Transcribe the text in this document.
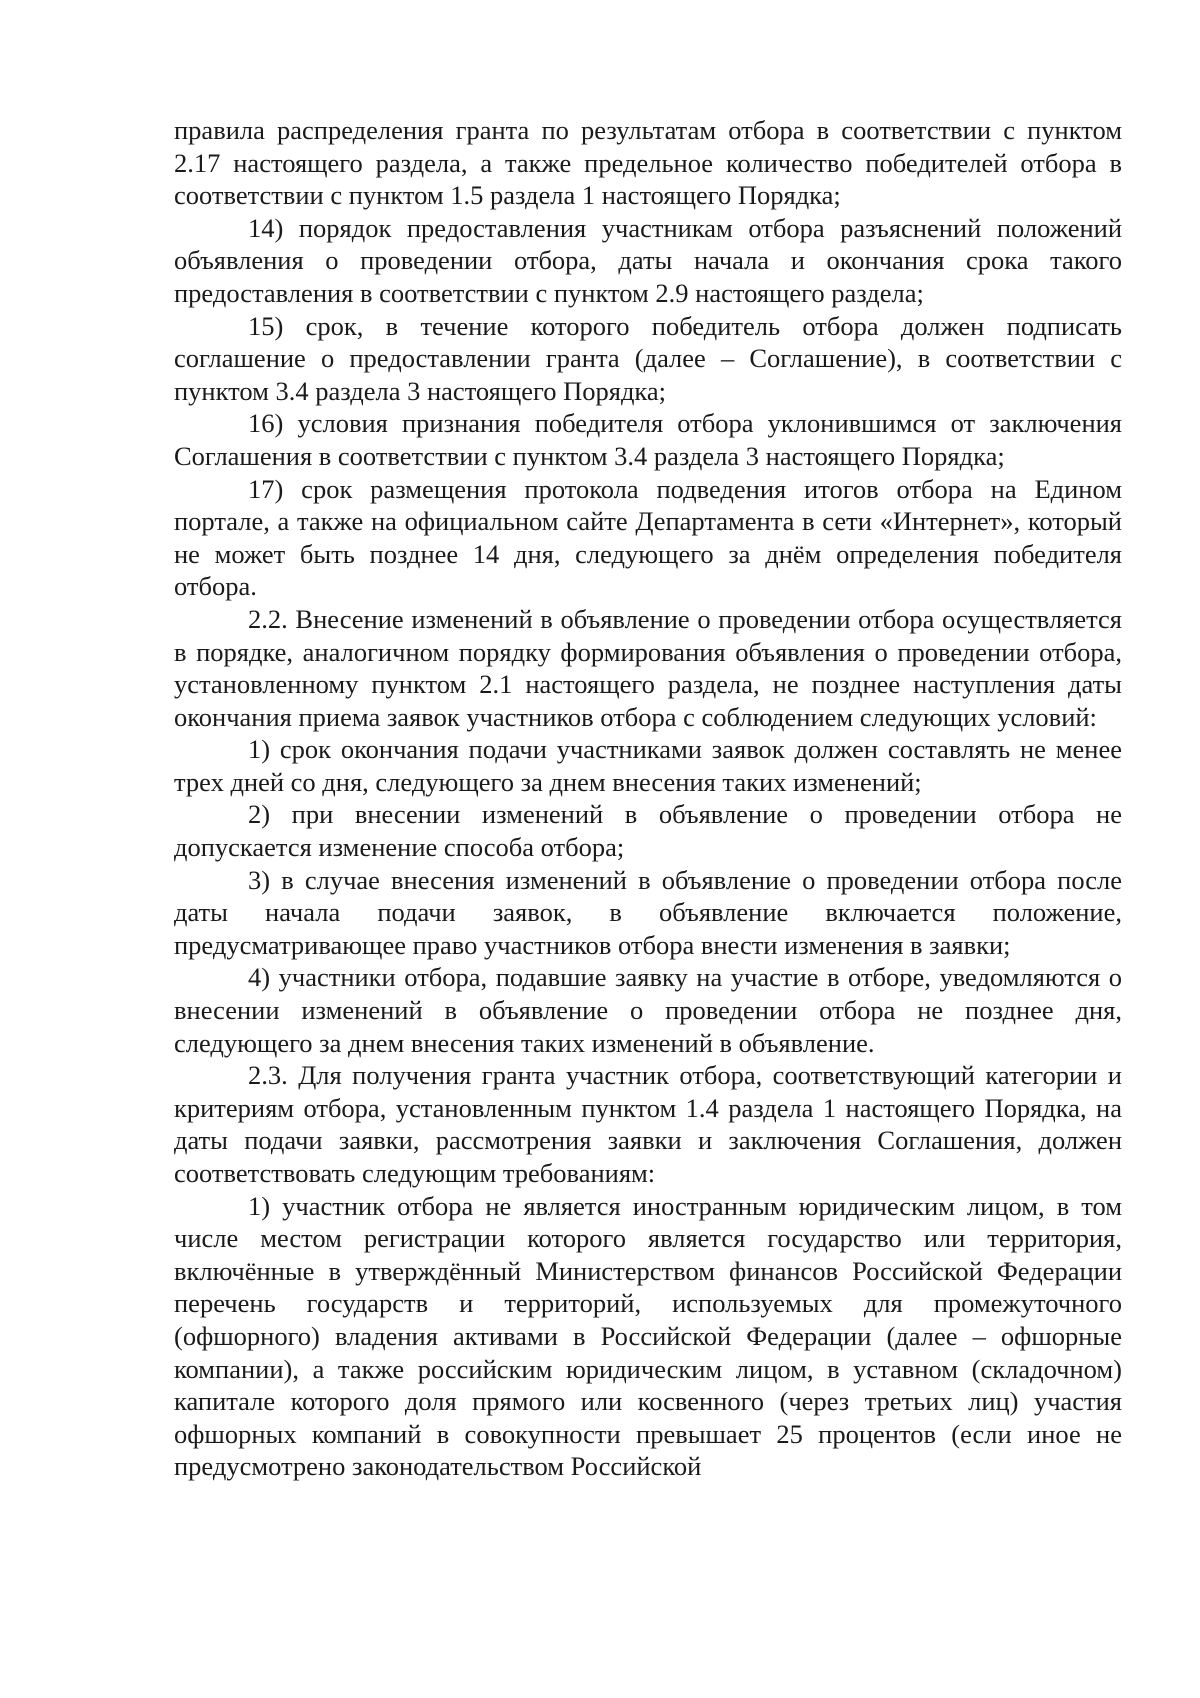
правила распределения гранта по результатам отбора в соответствии с пунктом 2.17 настоящего раздела, а также предельное количество победителей отбора в соответствии с пунктом 1.5 раздела 1 настоящего Порядка;

14) порядок предоставления участникам отбора разъяснений положений объявления о проведении отбора, даты начала и окончания срока такого предоставления в соответствии с пунктом 2.9 настоящего раздела;

15) срок, в течение которого победитель отбора должен подписать соглашение о предоставлении гранта (далее – Соглашение), в соответствии с пунктом 3.4 раздела 3 настоящего Порядка;

16) условия признания победителя отбора уклонившимся от заключения Соглашения в соответствии с пунктом 3.4 раздела 3 настоящего Порядка;

17) срок размещения протокола подведения итогов отбора на Едином портале, а также на официальном сайте Департамента в сети «Интернет», который не может быть позднее 14 дня, следующего за днём определения победителя отбора.

2.2. Внесение изменений в объявление о проведении отбора осуществляется в порядке, аналогичном порядку формирования объявления о проведении отбора, установленному пунктом 2.1 настоящего раздела, не позднее наступления даты окончания приема заявок участников отбора с соблюдением следующих условий:

1) срок окончания подачи участниками заявок должен составлять не менее трех дней со дня, следующего за днем внесения таких изменений;

2) при внесении изменений в объявление о проведении отбора не допускается изменение способа отбора;

3) в случае внесения изменений в объявление о проведении отбора после даты начала подачи заявок, в объявление включается положение, предусматривающее право участников отбора внести изменения в заявки;

4) участники отбора, подавшие заявку на участие в отборе, уведомляются о внесении изменений в объявление о проведении отбора не позднее дня, следующего за днем внесения таких изменений в объявление.

2.3. Для получения гранта участник отбора, соответствующий категории и критериям отбора, установленным пунктом 1.4 раздела 1 настоящего Порядка, на даты подачи заявки, рассмотрения заявки и заключения Соглашения, должен соответствовать следующим требованиям:

1) участник отбора не является иностранным юридическим лицом, в том числе местом регистрации которого является государство или территория, включённые в утверждённый Министерством финансов Российской Федерации перечень государств и территорий, используемых для промежуточного (офшорного) владения активами в Российской Федерации (далее – офшорные компании), а также российским юридическим лицом, в уставном (складочном) капитале которого доля прямого или косвенного (через третьих лиц) участия офшорных компаний в совокупности превышает 25 процентов (если иное не предусмотрено законодательством Российской
